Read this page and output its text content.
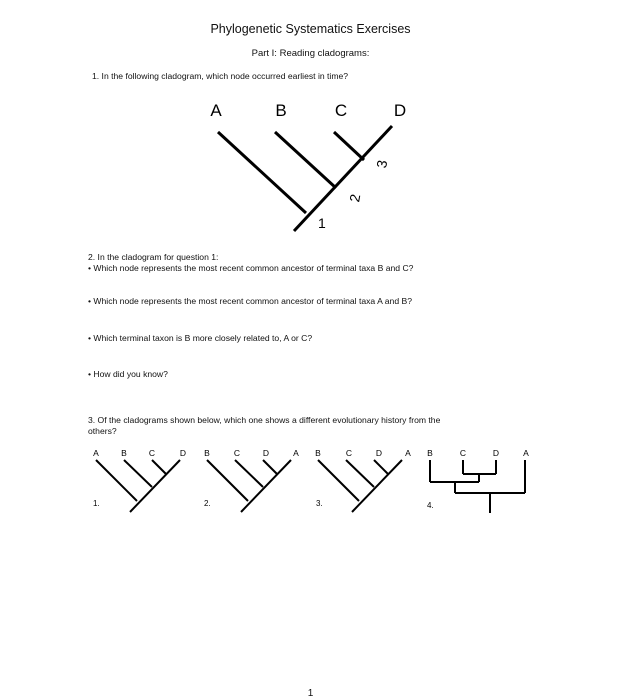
Phylogenetic Systematics Exercises
Part I: Reading cladograms:
1. In the following cladogram, which node occurred earliest in time?
A	B	C	D
1
2
3
A	B	C	D B	C	D	A B	C	D	A B	C	D	A
1.	2.	3.	4.
2. In the cladogram for question 1:
• Which node represents the most recent common ancestor of terminal taxa B and C?
• Which node represents the most recent common ancestor of terminal taxa A and B?
• Which terminal taxon is B more closely related to, A or C?
• How did you know?
3. Of the cladograms shown below, which one shows a different evolutionary history from the
others?
1
